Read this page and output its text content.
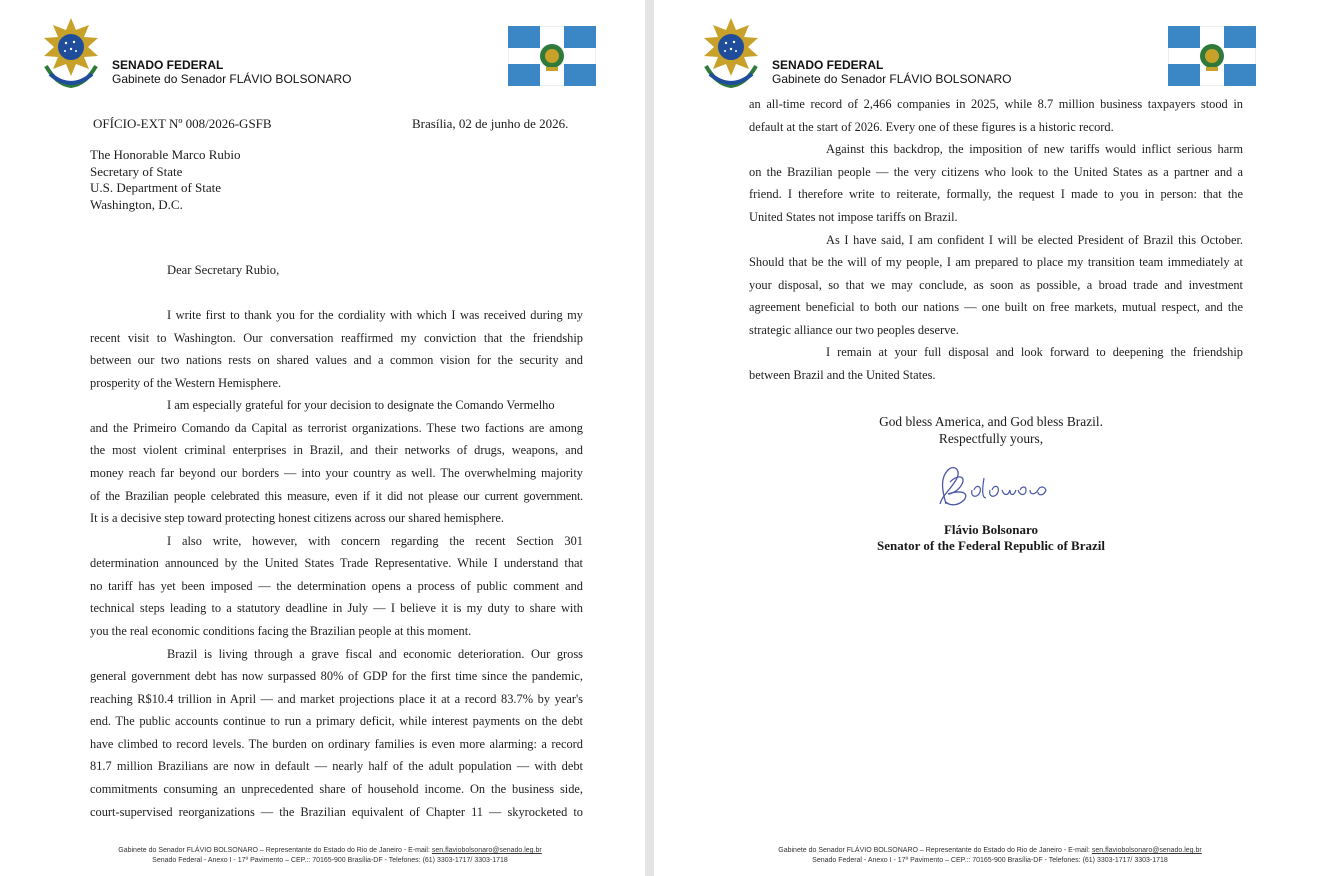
SENADO FEDERAL
Gabinete do Senador FLÁVIO BOLSONARO
OFÍCIO-EXT Nº 008/2026-GSFB	Brasília, 02 de junho de 2026.
The Honorable Marco Rubio
Secretary of State
U.S. Department of State
Washington, D.C.
Dear Secretary Rubio,
I write first to thank you for the cordiality with which I was received during my
recent visit to Washington. Our conversation reaffirmed my conviction that the friendship
between our two nations rests on shared values and a common vision for the security and
prosperity of the Western Hemisphere.
I am especially grateful for your decision to designate the Comando Vermelho
and the Primeiro Comando da Capital as terrorist organizations. These two factions are among
the most violent criminal enterprises in Brazil, and their networks of drugs, weapons, and
money reach far beyond our borders — into your country as well. The overwhelming majority
of the Brazilian people celebrated this measure, even if it did not please our current government.
It is a decisive step toward protecting honest citizens across our shared hemisphere.
I also write, however, with concern regarding the recent Section 301
determination announced by the United States Trade Representative. While I understand that
no tariff has yet been imposed — the determination opens a process of public comment and
technical steps leading to a statutory deadline in July — I believe it is my duty to share with
you the real economic conditions facing the Brazilian people at this moment.
Brazil is living through a grave fiscal and economic deterioration. Our gross
general government debt has now surpassed 80% of GDP for the first time since the pandemic,
reaching R$10.4 trillion in April — and market projections place it at a record 83.7% by year's
end. The public accounts continue to run a primary deficit, while interest payments on the debt
have climbed to record levels. The burden on ordinary families is even more alarming: a record
81.7 million Brazilians are now in default — nearly half of the adult population — with debt
commitments consuming an unprecedented share of household income. On the business side,
court-supervised reorganizations — the Brazilian equivalent of Chapter 11 — skyrocketed to
Gabinete do Senador FLÁVIO BOLSONARO – Representante do Estado do Rio de Janeiro - E-mail: sen.flaviobolsonaro@senado.leg.br
Senado Federal - Anexo I - 17º Pavimento – CEP.:: 70165-900 Brasília-DF - Telefones: (61) 3303-1717/ 3303-1718
SENADO FEDERAL
Gabinete do Senador FLÁVIO BOLSONARO
an all-time record of 2,466 companies in 2025, while 8.7 million business taxpayers stood in
default at the start of 2026. Every one of these figures is a historic record.
Against this backdrop, the imposition of new tariffs would inflict serious harm
on the Brazilian people — the very citizens who look to the United States as a partner and a
friend. I therefore write to reiterate, formally, the request I made to you in person: that the
United States not impose tariffs on Brazil.
As I have said, I am confident I will be elected President of Brazil this October.
Should that be the will of my people, I am prepared to place my transition team immediately at
your disposal, so that we may conclude, as soon as possible, a broad trade and investment
agreement beneficial to both our nations — one built on free markets, mutual respect, and the
strategic alliance our two peoples deserve.
I remain at your full disposal and look forward to deepening the friendship
between Brazil and the United States.
God bless America, and God bless Brazil.
Respectfully yours,
Flávio Bolsonaro
Senator of the Federal Republic of Brazil
Gabinete do Senador FLÁVIO BOLSONARO – Representante do Estado do Rio de Janeiro - E-mail: sen.flaviobolsonaro@senado.leg.br
Senado Federal - Anexo I - 17º Pavimento – CEP.:: 70165-900 Brasília-DF - Telefones: (61) 3303-1717/ 3303-1718
